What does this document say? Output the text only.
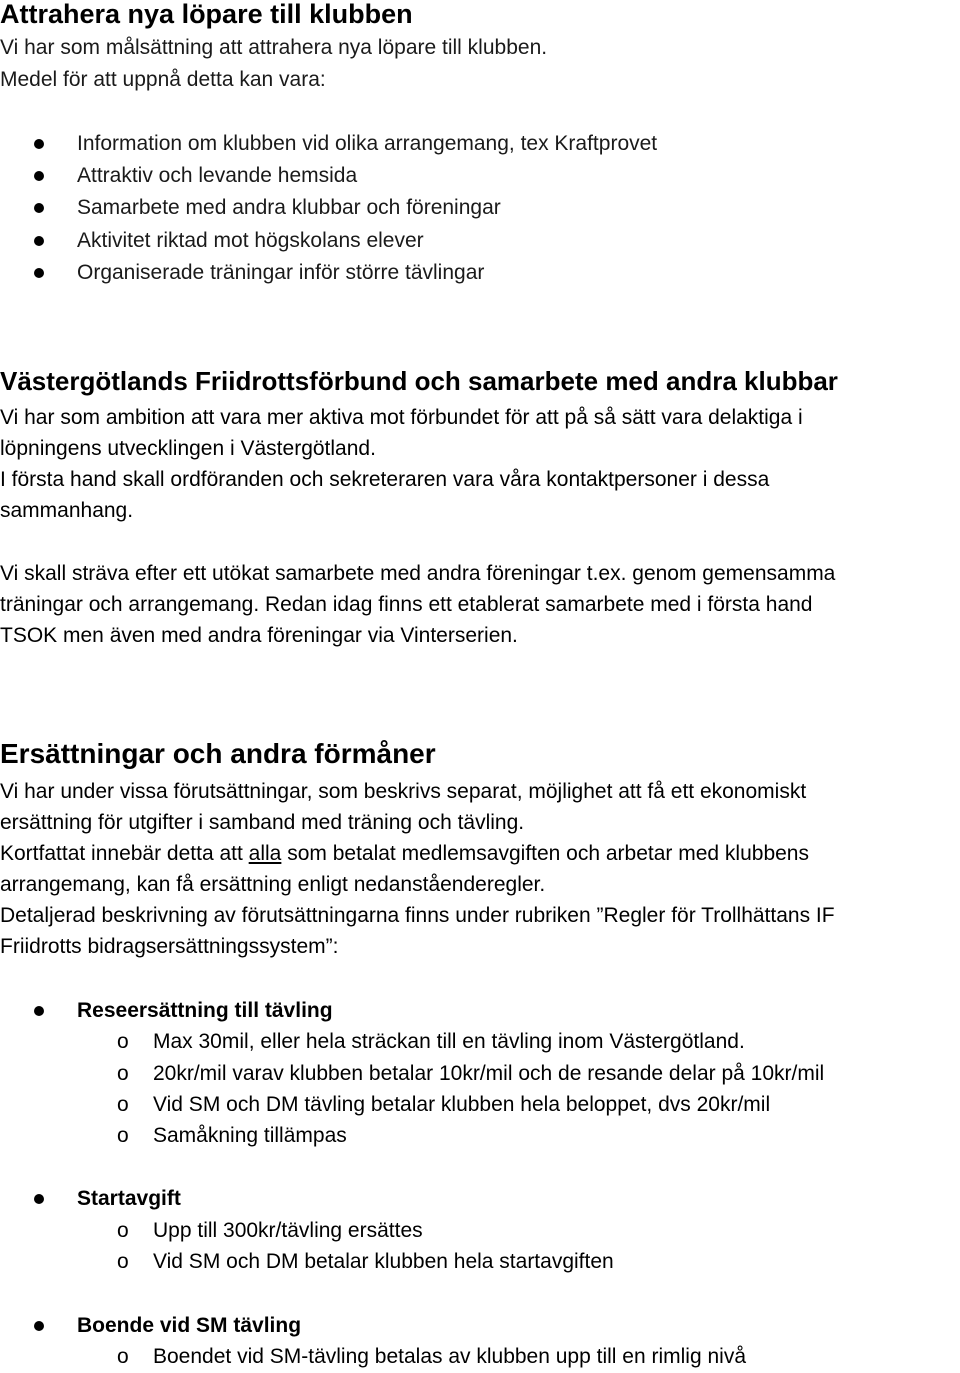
Attrahera nya löpare till klubben
Vi har som målsättning att attrahera nya löpare till klubben.
Medel för att uppnå detta kan vara:
Information om klubben vid olika arrangemang, tex Kraftprovet
Attraktiv och levande hemsida
Samarbete med andra klubbar och föreningar
Aktivitet riktad mot högskolans elever
Organiserade träningar inför större tävlingar
Västergötlands Friidrottsförbund och samarbete med andra klubbar
Vi har som ambition att vara mer aktiva mot förbundet för att på så sätt vara delaktiga i
löpningens utvecklingen i Västergötland.
I första hand skall ordföranden och sekreteraren vara våra kontaktpersoner i dessa
sammanhang.
Vi skall sträva efter ett utökat samarbete med andra föreningar t.ex. genom gemensamma
träningar och arrangemang. Redan idag finns ett etablerat samarbete med i första hand
TSOK men även med andra föreningar via Vinterserien.
Ersättningar och andra förmåner
Vi har under vissa förutsättningar, som beskrivs separat, möjlighet att få ett ekonomiskt
ersättning för utgifter i samband med träning och tävling.
Kortfattat innebär detta att alla som betalat medlemsavgiften och arbetar med klubbens
arrangemang, kan få ersättning enligt nedanståenderegler.
Detaljerad beskrivning av förutsättningarna finns under rubriken ”Regler för Trollhättans IF
Friidrotts bidragsersättningssystem”:
Reseersättning till tävling
o Max 30mil, eller hela sträckan till en tävling inom Västergötland.
o 20kr/mil varav klubben betalar 10kr/mil och de resande delar på 10kr/mil
o Vid SM och DM tävling betalar klubben hela beloppet, dvs 20kr/mil
o Samåkning tillämpas
Startavgift
o Upp till 300kr/tävling ersättes
o Vid SM och DM betalar klubben hela startavgiften
Boende vid SM tävling
o Boendet vid SM-tävling betalas av klubben upp till en rimlig nivå
